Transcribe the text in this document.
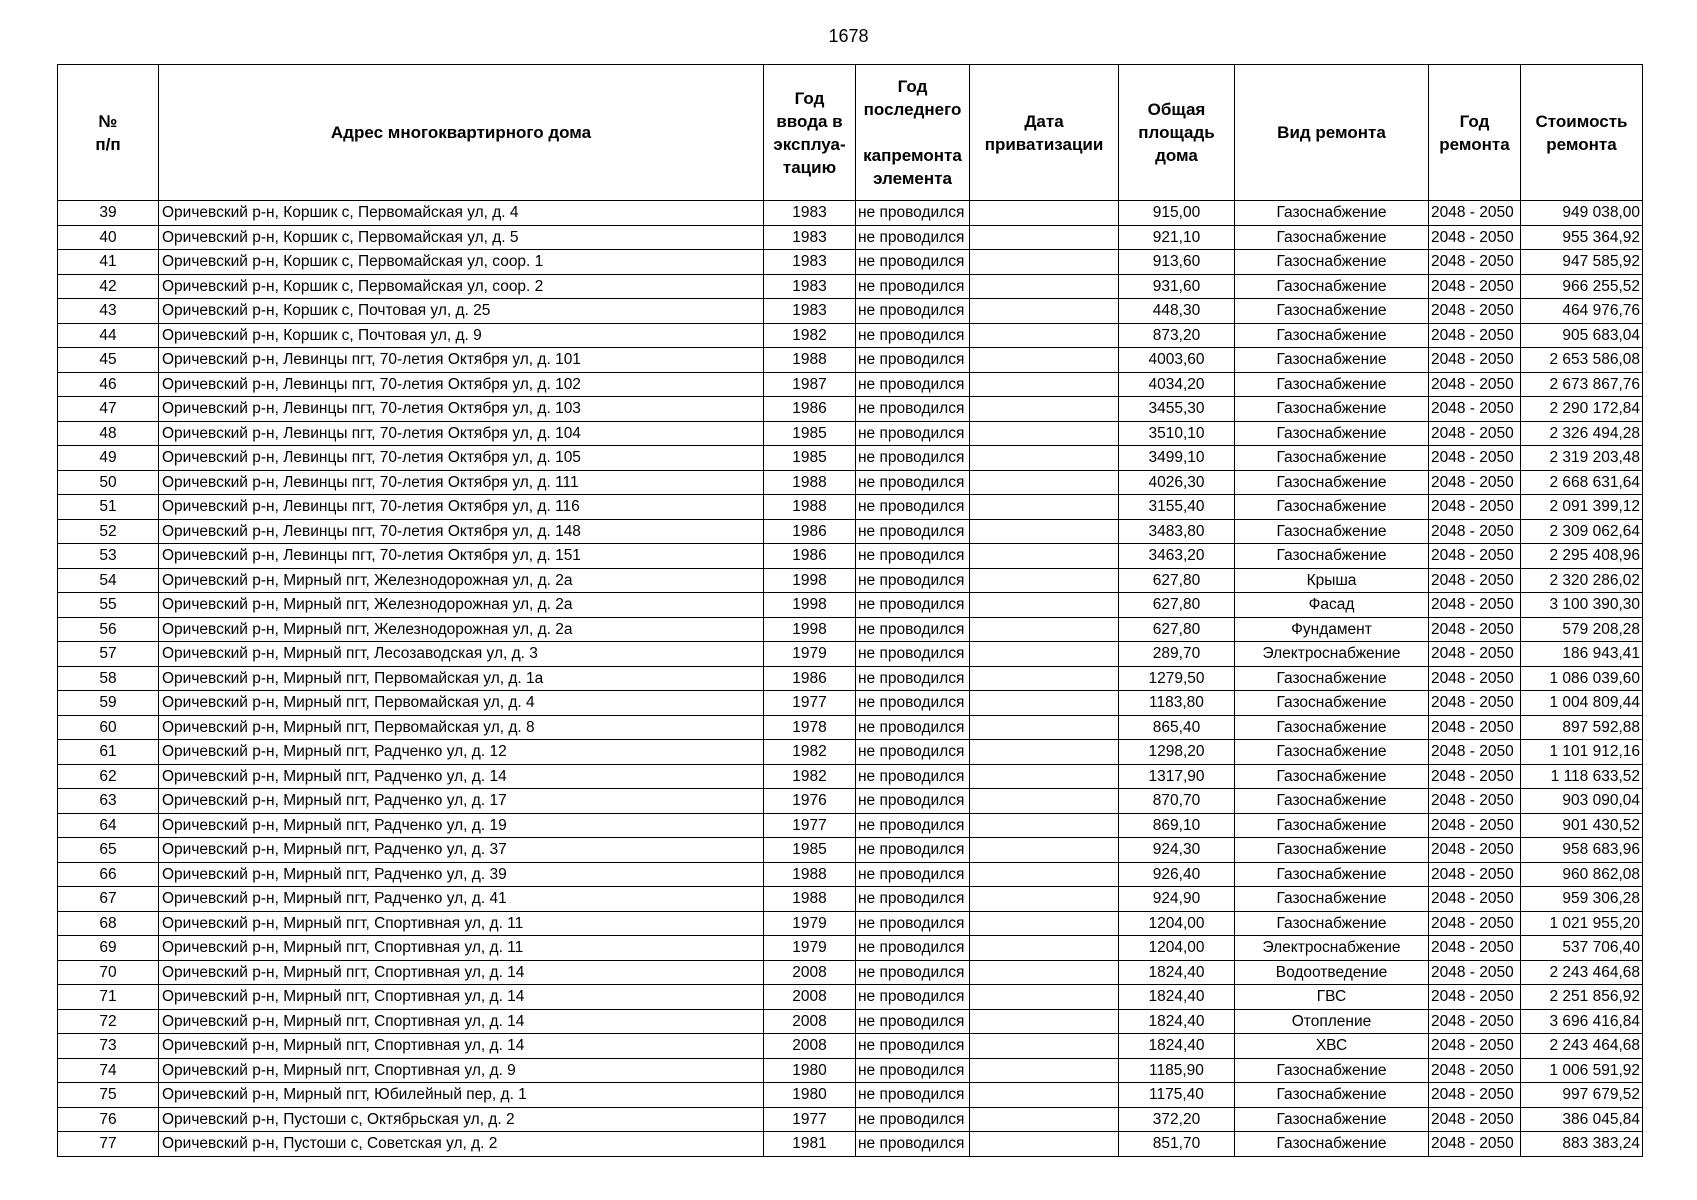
1678
№
п/п	Адрес многоквартирного дома	Год
ввода в
эксплуа-
тацию	Год
последнего

капремонта
элемента	Дата
приватизации	Общая
площадь
дома	Вид ремонта	Год
ремонта	Стоимость
ремонта
39	Оричевский р-н, Коршик с, Первомайская ул, д. 4	1983	не проводился		915,00	Газоснабжение	2048 - 2050	949 038,00
40	Оричевский р-н, Коршик с, Первомайская ул, д. 5	1983	не проводился		921,10	Газоснабжение	2048 - 2050	955 364,92
41	Оричевский р-н, Коршик с, Первомайская ул, соор. 1	1983	не проводился		913,60	Газоснабжение	2048 - 2050	947 585,92
42	Оричевский р-н, Коршик с, Первомайская ул, соор. 2	1983	не проводился		931,60	Газоснабжение	2048 - 2050	966 255,52
43	Оричевский р-н, Коршик с, Почтовая ул, д. 25	1983	не проводился		448,30	Газоснабжение	2048 - 2050	464 976,76
44	Оричевский р-н, Коршик с, Почтовая ул, д. 9	1982	не проводился		873,20	Газоснабжение	2048 - 2050	905 683,04
45	Оричевский р-н, Левинцы пгт, 70-летия Октября ул, д. 101	1988	не проводился		4003,60	Газоснабжение	2048 - 2050	2 653 586,08
46	Оричевский р-н, Левинцы пгт, 70-летия Октября ул, д. 102	1987	не проводился		4034,20	Газоснабжение	2048 - 2050	2 673 867,76
47	Оричевский р-н, Левинцы пгт, 70-летия Октября ул, д. 103	1986	не проводился		3455,30	Газоснабжение	2048 - 2050	2 290 172,84
48	Оричевский р-н, Левинцы пгт, 70-летия Октября ул, д. 104	1985	не проводился		3510,10	Газоснабжение	2048 - 2050	2 326 494,28
49	Оричевский р-н, Левинцы пгт, 70-летия Октября ул, д. 105	1985	не проводился		3499,10	Газоснабжение	2048 - 2050	2 319 203,48
50	Оричевский р-н, Левинцы пгт, 70-летия Октября ул, д. 111	1988	не проводился		4026,30	Газоснабжение	2048 - 2050	2 668 631,64
51	Оричевский р-н, Левинцы пгт, 70-летия Октября ул, д. 116	1988	не проводился		3155,40	Газоснабжение	2048 - 2050	2 091 399,12
52	Оричевский р-н, Левинцы пгт, 70-летия Октября ул, д. 148	1986	не проводился		3483,80	Газоснабжение	2048 - 2050	2 309 062,64
53	Оричевский р-н, Левинцы пгт, 70-летия Октября ул, д. 151	1986	не проводился		3463,20	Газоснабжение	2048 - 2050	2 295 408,96
54	Оричевский р-н, Мирный пгт, Железнодорожная ул, д. 2а	1998	не проводился		627,80	Крыша	2048 - 2050	2 320 286,02
55	Оричевский р-н, Мирный пгт, Железнодорожная ул, д. 2а	1998	не проводился		627,80	Фасад	2048 - 2050	3 100 390,30
56	Оричевский р-н, Мирный пгт, Железнодорожная ул, д. 2а	1998	не проводился		627,80	Фундамент	2048 - 2050	579 208,28
57	Оричевский р-н, Мирный пгт, Лесозаводская ул, д. 3	1979	не проводился		289,70	Электроснабжение	2048 - 2050	186 943,41
58	Оричевский р-н, Мирный пгт, Первомайская ул, д. 1а	1986	не проводился		1279,50	Газоснабжение	2048 - 2050	1 086 039,60
59	Оричевский р-н, Мирный пгт, Первомайская ул, д. 4	1977	не проводился		1183,80	Газоснабжение	2048 - 2050	1 004 809,44
60	Оричевский р-н, Мирный пгт, Первомайская ул, д. 8	1978	не проводился		865,40	Газоснабжение	2048 - 2050	897 592,88
61	Оричевский р-н, Мирный пгт, Радченко ул, д. 12	1982	не проводился		1298,20	Газоснабжение	2048 - 2050	1 101 912,16
62	Оричевский р-н, Мирный пгт, Радченко ул, д. 14	1982	не проводился		1317,90	Газоснабжение	2048 - 2050	1 118 633,52
63	Оричевский р-н, Мирный пгт, Радченко ул, д. 17	1976	не проводился		870,70	Газоснабжение	2048 - 2050	903 090,04
64	Оричевский р-н, Мирный пгт, Радченко ул, д. 19	1977	не проводился		869,10	Газоснабжение	2048 - 2050	901 430,52
65	Оричевский р-н, Мирный пгт, Радченко ул, д. 37	1985	не проводился		924,30	Газоснабжение	2048 - 2050	958 683,96
66	Оричевский р-н, Мирный пгт, Радченко ул, д. 39	1988	не проводился		926,40	Газоснабжение	2048 - 2050	960 862,08
67	Оричевский р-н, Мирный пгт, Радченко ул, д. 41	1988	не проводился		924,90	Газоснабжение	2048 - 2050	959 306,28
68	Оричевский р-н, Мирный пгт, Спортивная ул, д. 11	1979	не проводился		1204,00	Газоснабжение	2048 - 2050	1 021 955,20
69	Оричевский р-н, Мирный пгт, Спортивная ул, д. 11	1979	не проводился		1204,00	Электроснабжение	2048 - 2050	537 706,40
70	Оричевский р-н, Мирный пгт, Спортивная ул, д. 14	2008	не проводился		1824,40	Водоотведение	2048 - 2050	2 243 464,68
71	Оричевский р-н, Мирный пгт, Спортивная ул, д. 14	2008	не проводился		1824,40	ГВС	2048 - 2050	2 251 856,92
72	Оричевский р-н, Мирный пгт, Спортивная ул, д. 14	2008	не проводился		1824,40	Отопление	2048 - 2050	3 696 416,84
73	Оричевский р-н, Мирный пгт, Спортивная ул, д. 14	2008	не проводился		1824,40	ХВС	2048 - 2050	2 243 464,68
74	Оричевский р-н, Мирный пгт, Спортивная ул, д. 9	1980	не проводился		1185,90	Газоснабжение	2048 - 2050	1 006 591,92
75	Оричевский р-н, Мирный пгт, Юбилейный пер, д. 1	1980	не проводился		1175,40	Газоснабжение	2048 - 2050	997 679,52
76	Оричевский р-н, Пустоши с, Октябрьская ул, д. 2	1977	не проводился		372,20	Газоснабжение	2048 - 2050	386 045,84
77	Оричевский р-н, Пустоши с, Советская ул, д. 2	1981	не проводился		851,70	Газоснабжение	2048 - 2050	883 383,24
